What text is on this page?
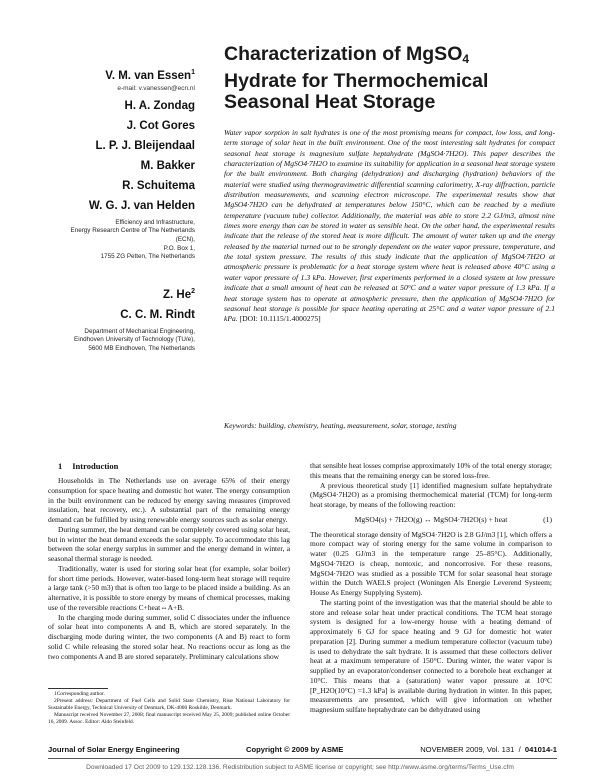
Characterization of MgSO$_4$
Hydrate for Thermochemical
Seasonal Heat Storage
V. M. van Essen$^1$
e-mail: v.vanessen@ecn.nl
H. A. Zondag
J. Cot Gores
L. P. J. Bleijendaal
M. Bakker
R. Schuitema
W. G. J. van Helden
Efficiency and Infrastructure,
Energy Research Centre of The Netherlands
(ECN),
P.O. Box 1,
1755 ZG Petten, The Netherlands
Z. He$^2$
C. C. M. Rindt
Department of Mechanical Engineering,
Eindhoven University of Technology (TU/e),
5600 MB Eindhoven, The Netherlands
Water vapor sorption in salt hydrates is one of the most promising means for compact, low loss, and long-term storage of solar heat in the built environment. One of the most interesting salt hydrates for compact seasonal heat storage is magnesium sulfate heptahydrate (MgSO4·7H2O). This paper describes the characterization of MgSO4·7H2O to examine its suitability for application in a seasonal heat storage system for the built environment. Both charging (dehydration) and discharging (hydration) behaviors of the material were studied using thermogravimetric differential scanning calorimetry, X-ray diffraction, particle distribution measurements, and scanning electron microscope. The experimental results show that MgSO4·7H2O can be dehydrated at temperatures below 150°C, which can be reached by a medium temperature (vacuum tube) collector. Additionally, the material was able to store 2.2 GJ/m3, almost nine times more energy than can be stored in water as sensible heat. On the other hand, the experimental results indicate that the release of the stored heat is more difficult. The amount of water taken up and the energy released by the material turned out to be strongly dependent on the water vapor pressure, temperature, and the total system pressure. The results of this study indicate that the application of MgSO4·7H2O at atmospheric pressure is problematic for a heat storage system where heat is released above 40°C using a water vapor pressure of 1.3 kPa. However, first experiments performed in a closed system at low pressure indicate that a small amount of heat can be released at 50°C and a water vapor pressure of 1.3 kPa. If a heat storage system has to operate at atmospheric pressure, then the application of MgSO4·7H2O for seasonal heat storage is possible for space heating operating at 25°C and a water vapor pressure of 2.1 kPa. [DOI: 10.1115/1.4000275]
Keywords: building, chemistry, heating, measurement, solar, storage, testing
1 Introduction

Households in The Netherlands use on average 65% of their energy consumption for space heating and domestic hot water. The energy consumption in the built environment can be reduced by energy saving measures (improved insulation, heat recovery, etc.). A substantial part of the remaining energy demand can be fulfilled by using renewable energy sources such as solar energy.

During summer, the heat demand can be completely covered using solar heat, but in winter the heat demand exceeds the solar supply. To accommodate this lag between the solar energy surplus in summer and the energy demand in winter, a seasonal thermal storage is needed.

Traditionally, water is used for storing solar heat (for example, solar boiler) for short time periods. However, water-based long-term heat storage will require a large tank (>50 m3) that is often too large to be placed inside a building. As an alternative, it is possible to store energy by means of chemical processes, making use of the reversible reactions C+heat⇔A+B.

In the charging mode during summer, solid C dissociates under the influence of solar heat into components A and B, which are stored separately. In the discharging mode during winter, the two components (A and B) react to form solid C while releasing the stored solar heat. No reactions occur as long as the two components A and B are stored separately. Preliminary calculations show

1Corresponding author.

2Present address: Department of Fuel Cells and Solid State Chemistry, Risø National Laboratory for Sustainable Energy, Technical University of Denmark, DK-4000 Roskilde, Denmark.

Manuscript received November 27, 2008; final manuscript received May 25, 2009; published online October 16, 2009. Assoc. Editor: Aldo Steinfeld.

that sensible heat losses comprise approximately 10% of the total energy storage; this means that the remaining energy can be stored loss-free.

A previous theoretical study [1] identified magnesium sulfate heptahydrate (MgSO4·7H2O) as a promising thermochemical material (TCM) for long-term heat storage, by means of the following reaction:

MgSO4(s) + 7H2O(g) ↔ MgSO4·7H2O(s) + heat	(1)

The theoretical storage density of MgSO4·7H2O is 2.8 GJ/m3 [1], which offers a more compact way of storing energy for the same volume in comparison to water (0.25 GJ/m3 in the temperature range 25–85°C). Additionally, MgSO4·7H2O is cheap, nontoxic, and noncorrosive. For these reasons, MgSO4·7H2O was studied as a possible TCM for solar seasonal heat storage within the Dutch WAELS project (Woningen Als Energie Leverend Systeem; House As Energy Supplying System).

The starting point of the investigation was that the material should be able to store and release solar heat under practical conditions. The TCM heat storage system is designed for a low-energy house with a heating demand of approximately 6 GJ for space heating and 9 GJ for domestic hot water preparation [2]. During summer a medium temperature collector (vacuum tube) is used to dehydrate the salt hydrate. It is assumed that these collectors deliver heat at a maximum temperature of 150°C. During winter, the water vapor is supplied by an evaporator/condenser connected to a borehole heat exchanger at 10°C. This means that a (saturation) water vapor pressure at 10°C [P_H2O(10°C) =1.3 kPa] is available during hydration in winter. In this paper, measurements are presented, which will give information on whether magnesium sulfate heptahydrate can be dehydrated using

Journal of Solar Energy Engineering	Copyright © 2009 by ASME	NOVEMBER 2009, Vol. 131  /  041014-1
Downloaded 17 Oct 2009 to 129.132.128.136. Redistribution subject to ASME license or copyright; see http://www.asme.org/terms/Terms_Use.cfm
